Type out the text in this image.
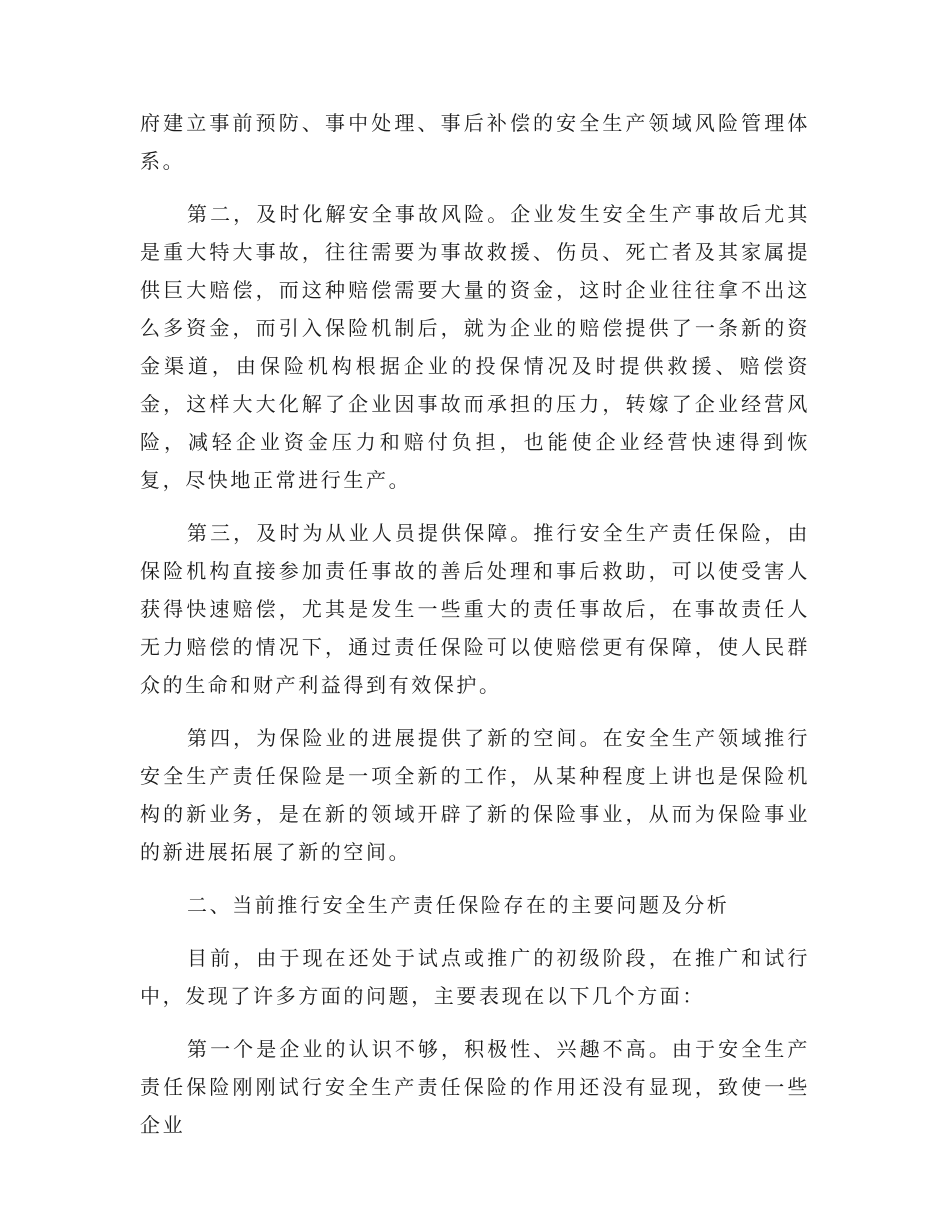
府建立事前预防、事中处理、事后补偿的安全生产领域风险管理体系。

第二，及时化解安全事故风险。企业发生安全生产事故后尤其是重大特大事故，往往需要为事故救援、伤员、死亡者及其家属提供巨大赔偿，而这种赔偿需要大量的资金，这时企业往往拿不出这么多资金，而引入保险机制后，就为企业的赔偿提供了一条新的资金渠道，由保险机构根据企业的投保情况及时提供救援、赔偿资金，这样大大化解了企业因事故而承担的压力，转嫁了企业经营风险，减轻企业资金压力和赔付负担，也能使企业经营快速得到恢复，尽快地正常进行生产。

第三，及时为从业人员提供保障。推行安全生产责任保险，由保险机构直接参加责任事故的善后处理和事后救助，可以使受害人获得快速赔偿，尤其是发生一些重大的责任事故后，在事故责任人无力赔偿的情况下，通过责任保险可以使赔偿更有保障，使人民群众的生命和财产利益得到有效保护。

第四，为保险业的进展提供了新的空间。在安全生产领域推行安全生产责任保险是一项全新的工作，从某种程度上讲也是保险机构的新业务，是在新的领域开辟了新的保险事业，从而为保险事业的新进展拓展了新的空间。

二、当前推行安全生产责任保险存在的主要问题及分析

目前，由于现在还处于试点或推广的初级阶段，在推广和试行中，发现了许多方面的问题，主要表现在以下几个方面：

第一个是企业的认识不够，积极性、兴趣不高。由于安全生产责任保险刚刚试行安全生产责任保险的作用还没有显现，致使一些企业
